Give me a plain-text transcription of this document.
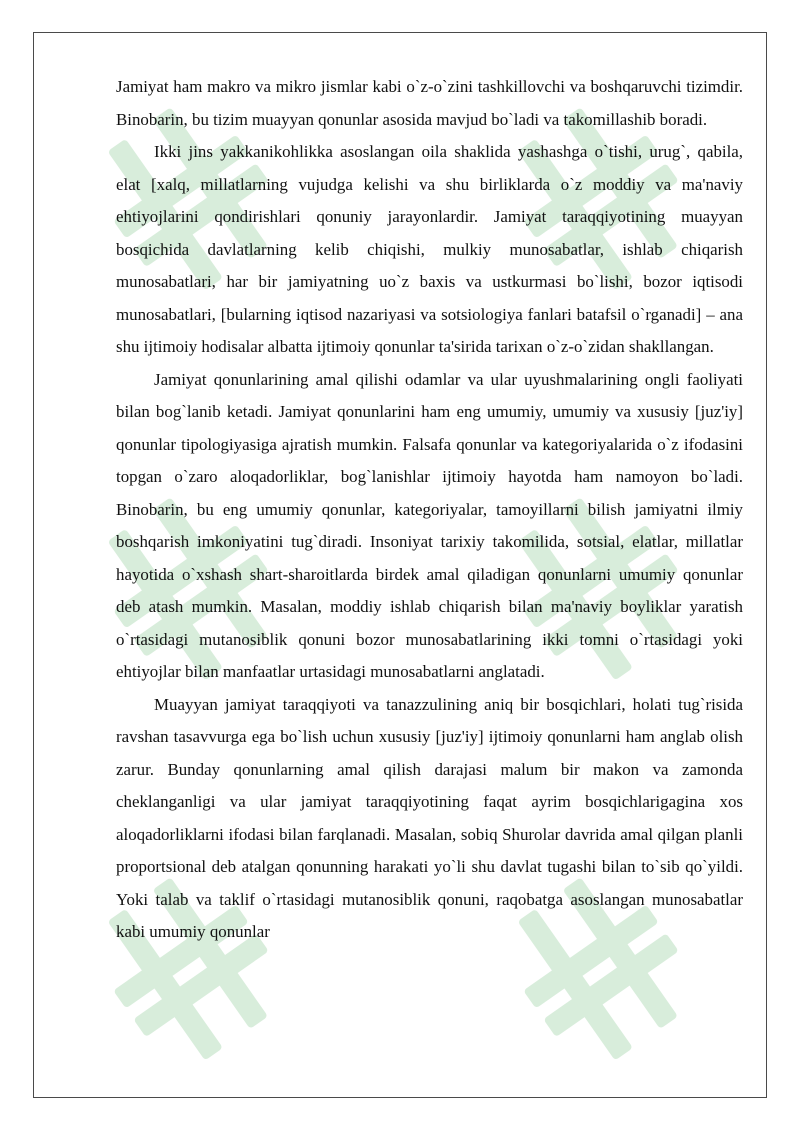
Jamiyat ham makro va mikro jismlar kabi o`z-o`zini tashkillovchi va boshqaruvchi tizimdir. Binobarin, bu tizim muayyan qonunlar asosida mavjud bo`ladi va takomillashib boradi.

Ikki jins yakkanikohlikka asoslangan oila shaklida yashashga o`tishi, urug`, qabila, elat [xalq, millatlarning vujudga kelishi va shu birliklarda o`z moddiy va ma'naviy ehtiyojlarini qondirishlari qonuniy jarayonlardir. Jamiyat taraqqiyotining muayyan bosqichida davlatlarning kelib chiqishi, mulkiy munosabatlar, ishlab chiqarish munosabatlari, har bir jamiyatning uo`z baxis va ustkurmasi bo`lishi, bozor iqtisodi munosabatlari, [bularning iqtisod nazariyasi va sotsiologiya fanlari batafsil o`rganadi] – ana shu ijtimoiy hodisalar albatta ijtimoiy qonunlar ta'sirida tarixan o`z-o`zidan shakllangan.

Jamiyat qonunlarining amal qilishi odamlar va ular uyushmalarining ongli faoliyati bilan bog`lanib ketadi. Jamiyat qonunlarini ham eng umumiy, umumiy va xususiy [juz'iy] qonunlar tipologiyasiga ajratish mumkin. Falsafa qonunlar va kategoriyalarida o`z ifodasini topgan o`zaro aloqadorliklar, bog`lanishlar ijtimoiy hayotda ham namoyon bo`ladi. Binobarin, bu eng umumiy qonunlar, kategoriyalar, tamoyillarni bilish jamiyatni ilmiy boshqarish imkoniyatini tug`diradi. Insoniyat tarixiy takomilida, sotsial, elatlar, millatlar hayotida o`xshash shart-sharoitlarda birdek amal qiladigan qonunlarni umumiy qonunlar deb atash mumkin. Masalan, moddiy ishlab chiqarish bilan ma'naviy boyliklar yaratish o`rtasidagi mutanosiblik qonuni bozor munosabatlarining ikki tomni o`rtasidagi yoki ehtiyojlar bilan manfaatlar urtasidagi munosabatlarni anglatadi.

Muayyan jamiyat taraqqiyoti va tanazzulining aniq bir bosqichlari, holati tug`risida ravshan tasavvurga ega bo`lish uchun xususiy [juz'iy] ijtimoiy qonunlarni ham anglab olish zarur. Bunday qonunlarning amal qilish darajasi malum bir makon va zamonda cheklanganligi va ular jamiyat taraqqiyotining faqat ayrim bosqichlarigagina xos aloqadorliklarni ifodasi bilan farqlanadi. Masalan, sobiq Shurolar davrida amal qilgan planli proportsional deb atalgan qonunning harakati yo`li shu davlat tugashi bilan to`sib qo`yildi. Yoki talab va taklif o`rtasidagi mutanosiblik qonuni, raqobatga asoslangan munosabatlar kabi umumiy qonunlar
